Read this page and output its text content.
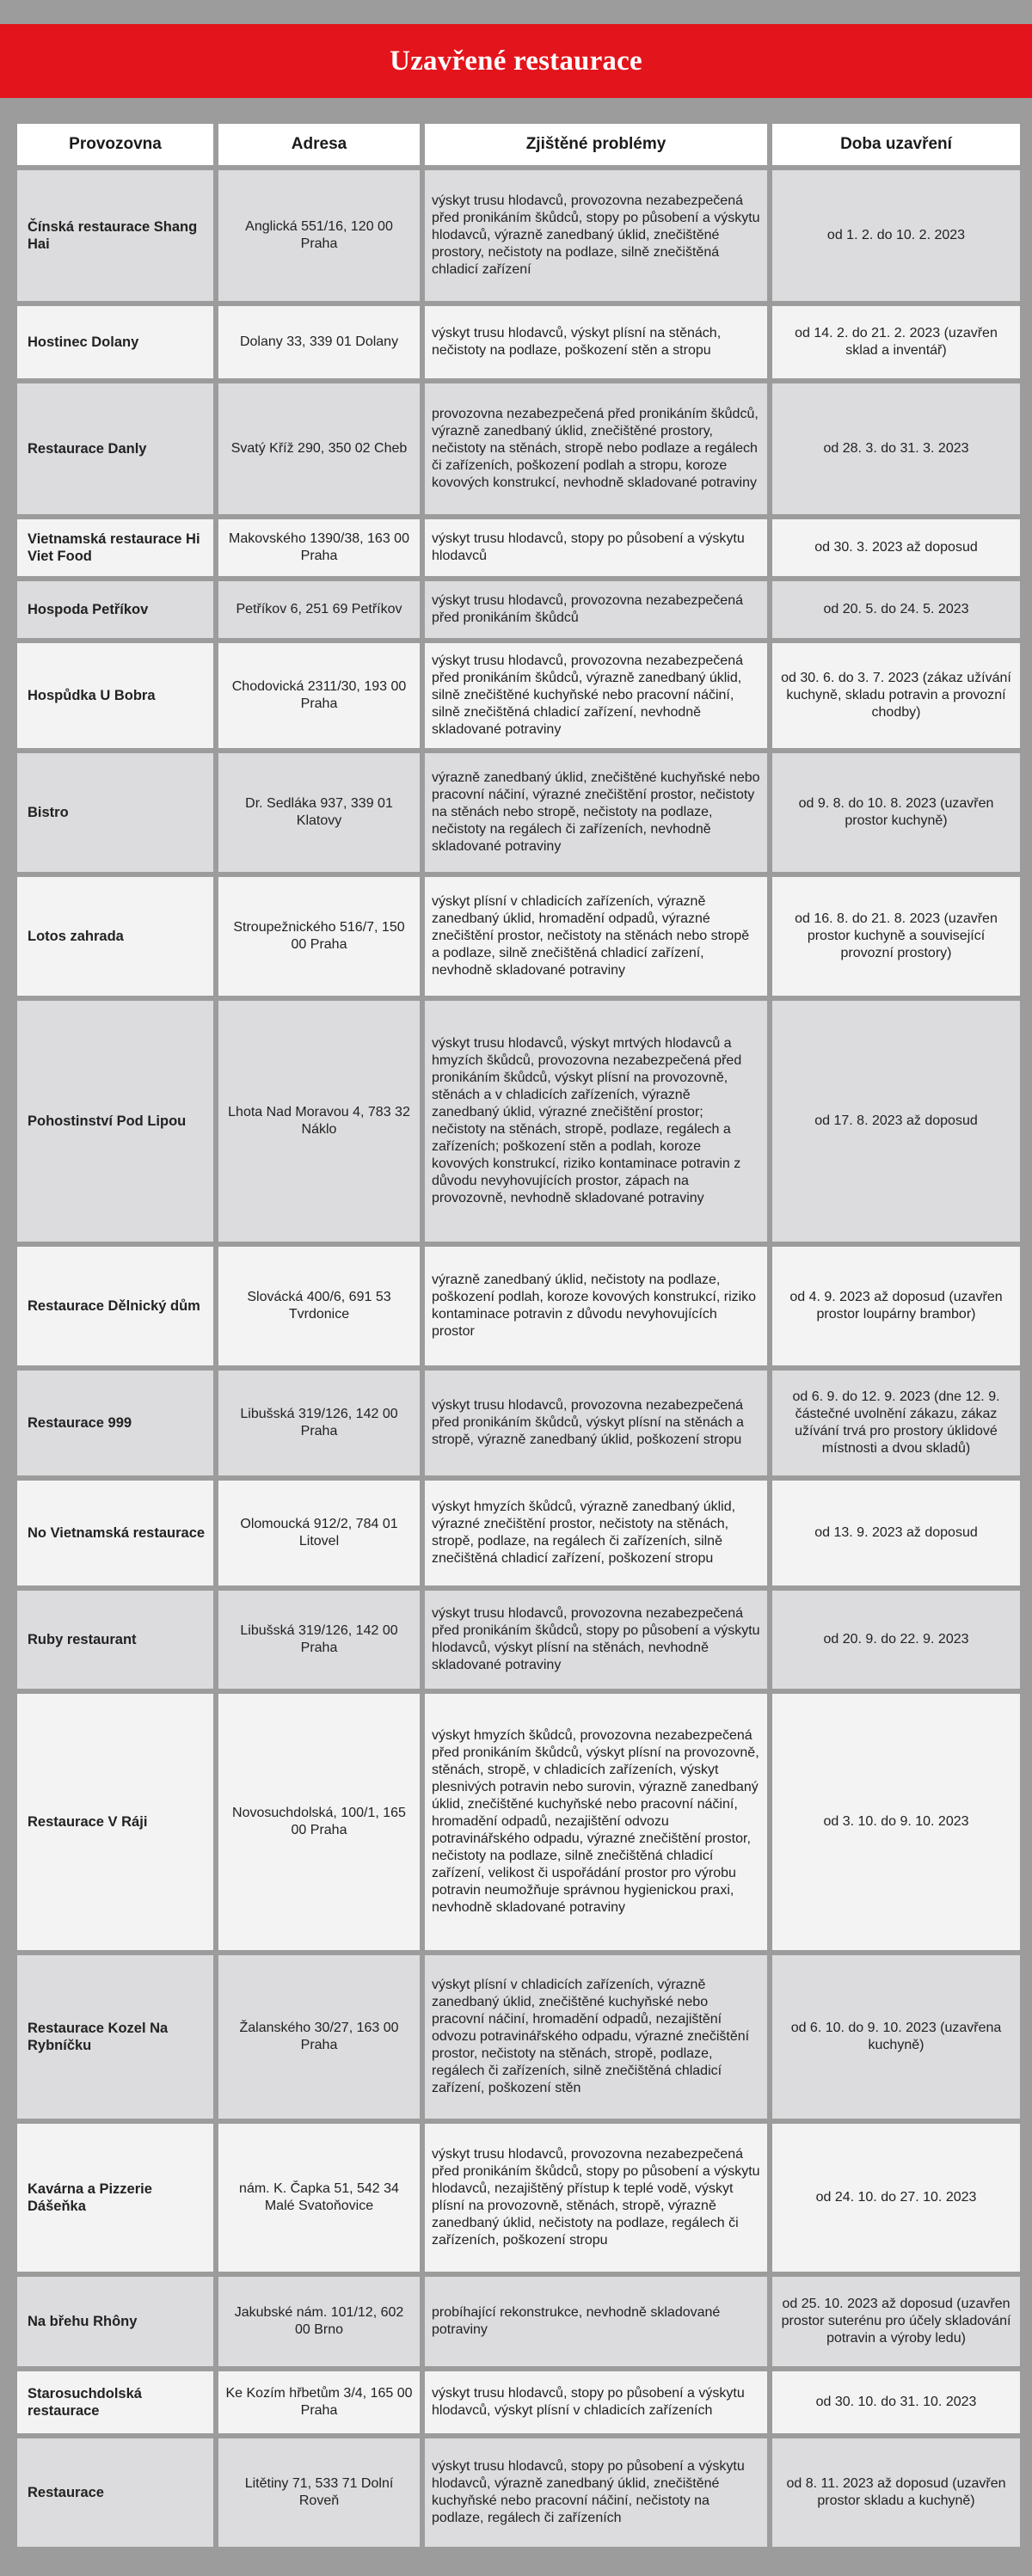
Uzavřené restaurace
Provozovna	Adresa	Zjištěné problémy	Doba uzavření
Čínská restaurace Shang Hai	Anglická 551/16, 120 00 Praha	výskyt trusu hlodavců, provozovna nezabezpečená před pronikáním škůdců, stopy po působení a výskytu hlodavců, výrazně zanedbaný úklid, znečištěné prostory, nečistoty na podlaze, silně znečištěná chladicí zařízení	od 1. 2. do 10. 2. 2023
Hostinec Dolany	Dolany 33, 339 01 Dolany	výskyt trusu hlodavců, výskyt plísní na stěnách, nečistoty na podlaze, poškození stěn a stropu	od 14. 2. do 21. 2. 2023 (uzavřen sklad a inventář)
Restaurace Danly	Svatý Kříž 290, 350 02 Cheb	provozovna nezabezpečená před pronikáním škůdců, výrazně zanedbaný úklid, znečištěné prostory, nečistoty na stěnách, stropě nebo podlaze a regálech či zařízeních, poškození podlah a stropu, koroze kovových konstrukcí, nevhodně skladované potraviny	od 28. 3. do 31. 3. 2023
Vietnamská restaurace Hi Viet Food	Makovského 1390/38, 163 00 Praha	výskyt trusu hlodavců, stopy po působení a výskytu hlodavců	od 30. 3. 2023 až doposud
Hospoda Petříkov	Petříkov 6, 251 69 Petříkov	výskyt trusu hlodavců, provozovna nezabezpečená před pronikáním škůdců	od 20. 5. do 24. 5. 2023
Hospůdka U Bobra	Chodovická 2311/30, 193 00 Praha	výskyt trusu hlodavců, provozovna nezabezpečená před pronikáním škůdců, výrazně zanedbaný úklid, silně znečištěné kuchyňské nebo pracovní náčiní, silně znečištěná chladicí zařízení, nevhodně skladované potraviny	od 30. 6. do 3. 7. 2023 (zákaz užívání kuchyně, skladu potravin a provozní chodby)
Bistro	Dr. Sedláka 937, 339 01 Klatovy	výrazně zanedbaný úklid, znečištěné kuchyňské nebo pracovní náčiní, výrazné znečištění prostor, nečistoty na stěnách nebo stropě, nečistoty na podlaze, nečistoty na regálech či zařízeních, nevhodně skladované potraviny	od 9. 8. do 10. 8. 2023 (uzavřen prostor kuchyně)
Lotos zahrada	Stroupežnického 516/7, 150 00 Praha	výskyt plísní v chladicích zařízeních, výrazně zanedbaný úklid, hromadění odpadů, výrazné znečištění prostor, nečistoty na stěnách nebo stropě a podlaze, silně znečištěná chladicí zařízení, nevhodně skladované potraviny	od 16. 8. do 21. 8. 2023 (uzavřen prostor kuchyně a související provozní prostory)
Pohostinství Pod Lipou	Lhota Nad Moravou 4, 783 32 Náklo	výskyt trusu hlodavců, výskyt mrtvých hlodavců a hmyzích škůdců, provozovna nezabezpečená před pronikáním škůdců, výskyt plísní na provozovně, stěnách a v chladicích zařízeních, výrazně zanedbaný úklid, výrazné znečištění prostor; nečistoty na stěnách, stropě, podlaze, regálech a zařízeních; poškození stěn a podlah, koroze kovových konstrukcí, riziko kontaminace potravin z důvodu nevyhovujících prostor, zápach na provozovně, nevhodně skladované potraviny	od 17. 8. 2023 až doposud
Restaurace Dělnický dům	Slovácká 400/6, 691 53 Tvrdonice	výrazně zanedbaný úklid, nečistoty na podlaze, poškození podlah, koroze kovových konstrukcí, riziko kontaminace potravin z důvodu nevyhovujících prostor	od 4. 9. 2023 až doposud (uzavřen prostor loupárny brambor)
Restaurace 999	Libušská 319/126, 142 00 Praha	výskyt trusu hlodavců, provozovna nezabezpečená před pronikáním škůdců, výskyt plísní na stěnách a stropě, výrazně zanedbaný úklid, poškození stropu	od 6. 9. do 12. 9. 2023 (dne 12. 9. částečné uvolnění zákazu, zákaz užívání trvá pro prostory úklidové místnosti a dvou skladů)
No Vietnamská restaurace	Olomoucká 912/2, 784 01 Litovel	výskyt hmyzích škůdců, výrazně zanedbaný úklid, výrazné znečištění prostor, nečistoty na stěnách, stropě, podlaze, na regálech či zařízeních, silně znečištěná chladicí zařízení, poškození stropu	od 13. 9. 2023 až doposud
Ruby restaurant	Libušská 319/126, 142 00 Praha	výskyt trusu hlodavců, provozovna nezabezpečená před pronikáním škůdců, stopy po působení a výskytu hlodavců, výskyt plísní na stěnách, nevhodně skladované potraviny	od 20. 9. do 22. 9. 2023
Restaurace V Ráji	Novosuchdolská, 100/1, 165 00 Praha	výskyt hmyzích škůdců, provozovna nezabezpečená před pronikáním škůdců, výskyt plísní na provozovně, stěnách, stropě, v chladicích zařízeních, výskyt plesnivých potravin nebo surovin, výrazně zanedbaný úklid, znečištěné kuchyňské nebo pracovní náčiní, hromadění odpadů, nezajištění odvozu potravinářského odpadu, výrazné znečištění prostor, nečistoty na podlaze, silně znečištěná chladicí zařízení, velikost či uspořádání prostor pro výrobu potravin neumožňuje správnou hygienickou praxi, nevhodně skladované potraviny	od 3. 10. do 9. 10. 2023
Restaurace Kozel Na Rybníčku	Žalanského 30/27, 163 00 Praha	výskyt plísní v chladicích zařízeních, výrazně zanedbaný úklid, znečištěné kuchyňské nebo pracovní náčiní, hromadění odpadů, nezajištění odvozu potravinářského odpadu, výrazné znečištění prostor, nečistoty na stěnách, stropě, podlaze, regálech či zařízeních, silně znečištěná chladicí zařízení, poškození stěn	od 6. 10. do 9. 10. 2023 (uzavřena kuchyně)
Kavárna a Pizzerie Dášeňka	nám. K. Čapka 51, 542 34 Malé Svatoňovice	výskyt trusu hlodavců, provozovna nezabezpečená před pronikáním škůdců, stopy po působení a výskytu hlodavců, nezajištěný přístup k teplé vodě, výskyt plísní na provozovně, stěnách, stropě, výrazně zanedbaný úklid, nečistoty na podlaze, regálech či zařízeních, poškození stropu	od 24. 10. do 27. 10. 2023
Na břehu Rhôny	Jakubské nám. 101/12, 602 00 Brno	probíhající rekonstrukce, nevhodně skladované potraviny	od 25. 10. 2023 až doposud (uzavřen prostor suterénu pro účely skladování potravin a výroby ledu)
Starosuchdolská restaurace	Ke Kozím hřbetům 3/4, 165 00 Praha	výskyt trusu hlodavců, stopy po působení a výskytu hlodavců, výskyt plísní v chladicích zařízeních	od 30. 10. do 31. 10. 2023
Restaurace	Litětiny 71, 533 71 Dolní Roveň	výskyt trusu hlodavců, stopy po působení a výskytu hlodavců, výrazně zanedbaný úklid, znečištěné kuchyňské nebo pracovní náčiní, nečistoty na podlaze, regálech či zařízeních	od 8. 11. 2023 až doposud (uzavřen prostor skladu a kuchyně)
